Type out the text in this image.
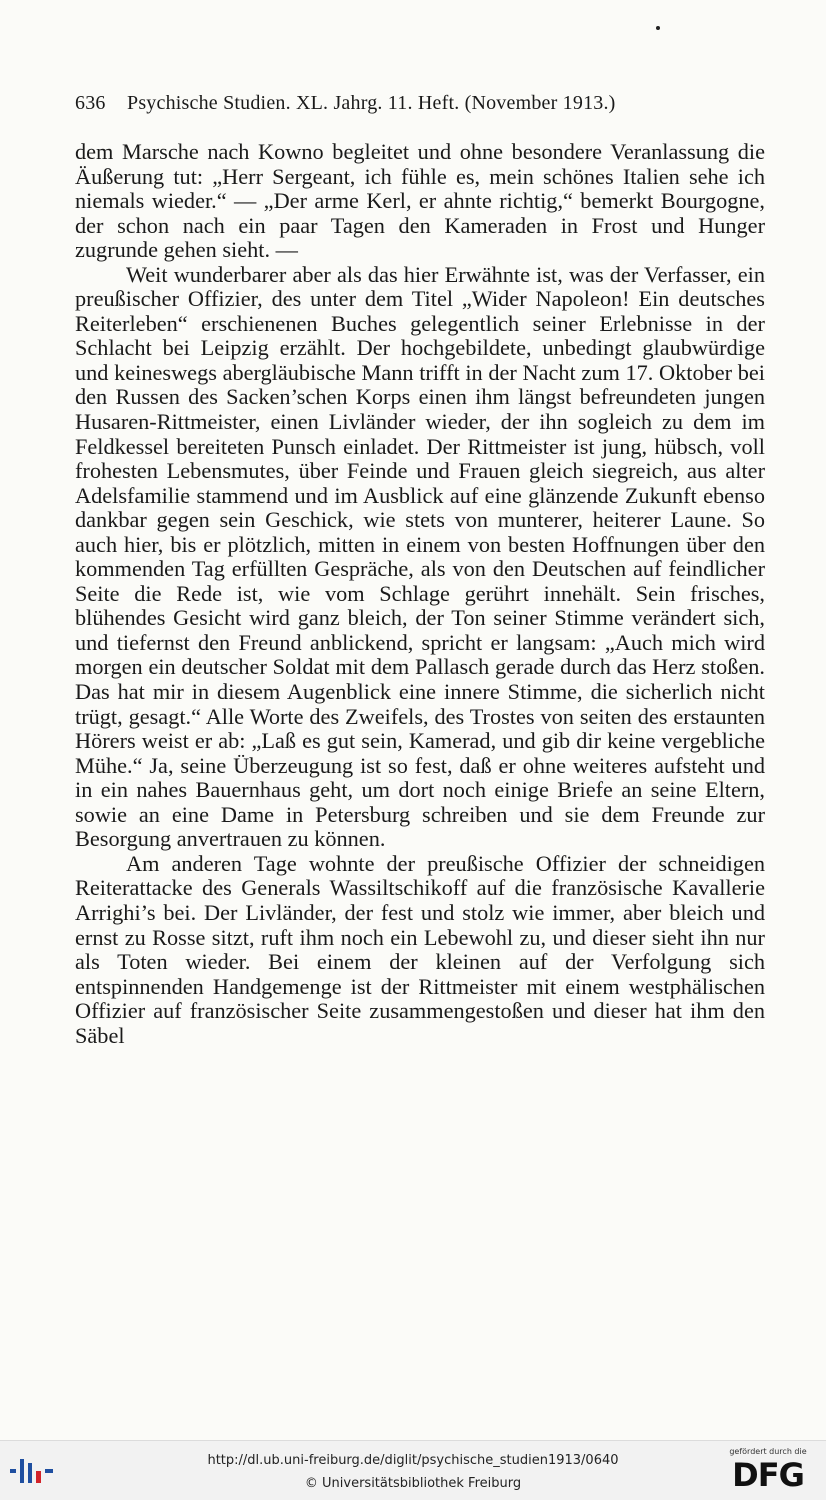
636	Psychische Studien. XL. Jahrg. 11. Heft. (November 1913.)

dem Marsche nach Kowno begleitet und ohne besondere Veranlassung die Äußerung tut: „Herr Sergeant, ich fühle es, mein schönes Italien sehe ich niemals wieder.“ — „Der arme Kerl, er ahnte richtig,“ bemerkt Bourgogne, der schon nach ein paar Tagen den Kameraden in Frost und Hunger zugrunde gehen sieht. —

Weit wunderbarer aber als das hier Erwähnte ist, was der Verfasser, ein preußischer Offizier, des unter dem Titel „Wider Napoleon! Ein deutsches Reiterleben“ erschienenen Buches gelegentlich seiner Erlebnisse in der Schlacht bei Leipzig erzählt. Der hochgebildete, unbedingt glaubwürdige und keineswegs abergläubische Mann trifft in der Nacht zum 17. Oktober bei den Russen des Sacken’schen Korps einen ihm längst befreundeten jungen Husaren-Rittmeister, einen Livländer wieder, der ihn sogleich zu dem im Feldkessel bereiteten Punsch einladet. Der Rittmeister ist jung, hübsch, voll frohesten Lebensmutes, über Feinde und Frauen gleich siegreich, aus alter Adelsfamilie stammend und im Ausblick auf eine glänzende Zukunft ebenso dankbar gegen sein Geschick, wie stets von munterer, heiterer Laune. So auch hier, bis er plötzlich, mitten in einem von besten Hoffnungen über den kommenden Tag erfüllten Gespräche, als von den Deutschen auf feindlicher Seite die Rede ist, wie vom Schlage gerührt innehält. Sein frisches, blühendes Gesicht wird ganz bleich, der Ton seiner Stimme verändert sich, und tiefernst den Freund anblickend, spricht er langsam: „Auch mich wird morgen ein deutscher Soldat mit dem Pallasch gerade durch das Herz stoßen. Das hat mir in diesem Augenblick eine innere Stimme, die sicherlich nicht trügt, gesagt.“ Alle Worte des Zweifels, des Trostes von seiten des erstaunten Hörers weist er ab: „Laß es gut sein, Kamerad, und gib dir keine vergebliche Mühe.“ Ja, seine Überzeugung ist so fest, daß er ohne weiteres aufsteht und in ein nahes Bauernhaus geht, um dort noch einige Briefe an seine Eltern, sowie an eine Dame in Petersburg schreiben und sie dem Freunde zur Besorgung anvertrauen zu können.

Am anderen Tage wohnte der preußische Offizier der schneidigen Reiterattacke des Generals Wassiltschikoff auf die französische Kavallerie Arrighi’s bei. Der Livländer, der fest und stolz wie immer, aber bleich und ernst zu Rosse sitzt, ruft ihm noch ein Lebewohl zu, und dieser sieht ihn nur als Toten wieder. Bei einem der kleinen auf der Verfolgung sich entspinnenden Handgemenge ist der Rittmeister mit einem westphälischen Offizier auf französischer Seite zusammengestoßen und dieser hat ihm den Säbel

http://dl.ub.uni-freiburg.de/diglit/psychische_studien1913/0640
© Universitätsbibliothek Freiburg
gefördert durch die
DFG
